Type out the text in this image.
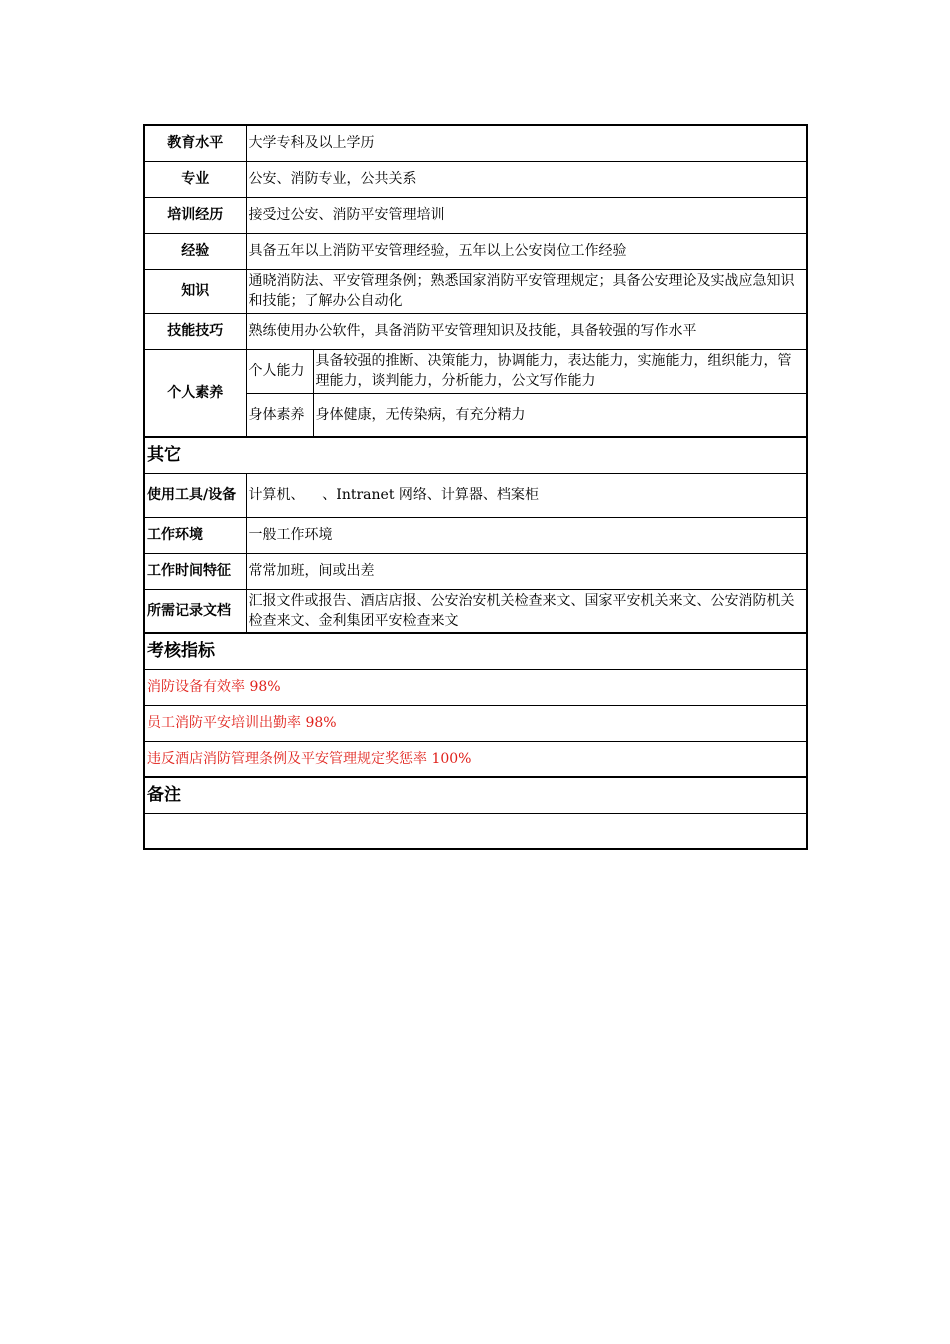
教育水平	大学专科及以上学历	
专业	公安、消防专业，公共关系	
培训经历	接受过公安、消防平安管理培训	
经验	具备五年以上消防平安管理经验，五年以上公安岗位工作经验	
知识	通晓消防法、平安管理条例；熟悉国家消防平安管理规定；具备公安理论及实战应急知识和技能；了解办公自动化	
技能技巧	熟练使用办公软件，具备消防平安管理知识及技能，具备较强的写作水平	
个人素养	个人能力	具备较强的推断、决策能力，协调能力，表达能力，实施能力，组织能力，管理能力，谈判能力，分析能力，公文写作能力
	身体素养	身体健康，无传染病，有充分精力
其它		
使用工具/设备	计算机、    、Intranet 网络、计算器、档案柜	
工作环境	一般工作环境	
工作时间特征	常常加班，间或出差	
所需记录文档	汇报文件或报告、酒店店报、公安治安机关检查来文、国家平安机关来文、公安消防机关检查来文、金利集团平安检查来文	
考核指标		
消防设备有效率 98%		
员工消防平安培训出勤率 98%		
违反酒店消防管理条例及平安管理规定奖惩率 100%		
备注		
